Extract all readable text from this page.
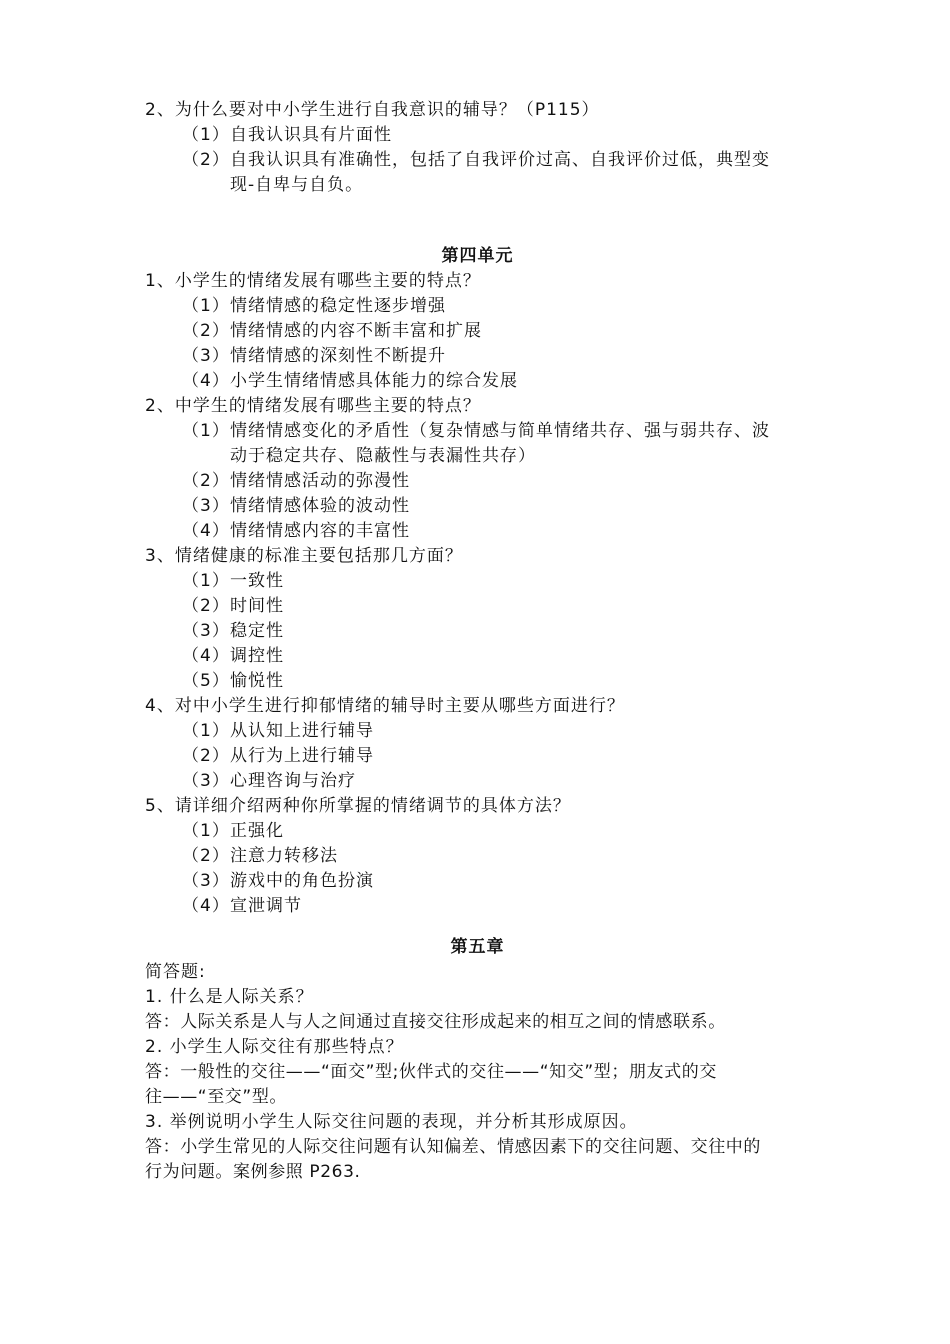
2、为什么要对中小学生进行自我意识的辅导？（P115）
（1） 自我认识具有片面性
（2） 自我认识具有准确性，包括了自我评价过高、自我评价过低，典型变
现-自卑与自负。
第四单元
1、小学生的情绪发展有哪些主要的特点？
（1） 情绪情感的稳定性逐步增强
（2） 情绪情感的内容不断丰富和扩展
（3） 情绪情感的深刻性不断提升
（4） 小学生情绪情感具体能力的综合发展
2、中学生的情绪发展有哪些主要的特点？
（1） 情绪情感变化的矛盾性（复杂情感与简单情绪共存、强与弱共存、波
动于稳定共存、隐蔽性与表漏性共存）
（2） 情绪情感活动的弥漫性
（3） 情绪情感体验的波动性
（4） 情绪情感内容的丰富性
3、情绪健康的标准主要包括那几方面？
（1） 一致性
（2） 时间性
（3） 稳定性
（4） 调控性
（5） 愉悦性
4、对中小学生进行抑郁情绪的辅导时主要从哪些方面进行？
（1） 从认知上进行辅导
（2） 从行为上进行辅导
（3） 心理咨询与治疗
5、请详细介绍两种你所掌握的情绪调节的具体方法？
（1） 正强化
（2） 注意力转移法
（3） 游戏中的角色扮演
（4） 宣泄调节
第五章
简答题:
1. 什么是人际关系？
答：人际关系是人与人之间通过直接交往形成起来的相互之间的情感联系。
2. 小学生人际交往有那些特点？
答：一般性的交往——“面交”型;伙伴式的交往——“知交”型；朋友式的交
往——“至交”型。
3. 举例说明小学生人际交往问题的表现，并分析其形成原因。
答：小学生常见的人际交往问题有认知偏差、情感因素下的交往问题、交往中的
行为问题。案例参照 P263.
